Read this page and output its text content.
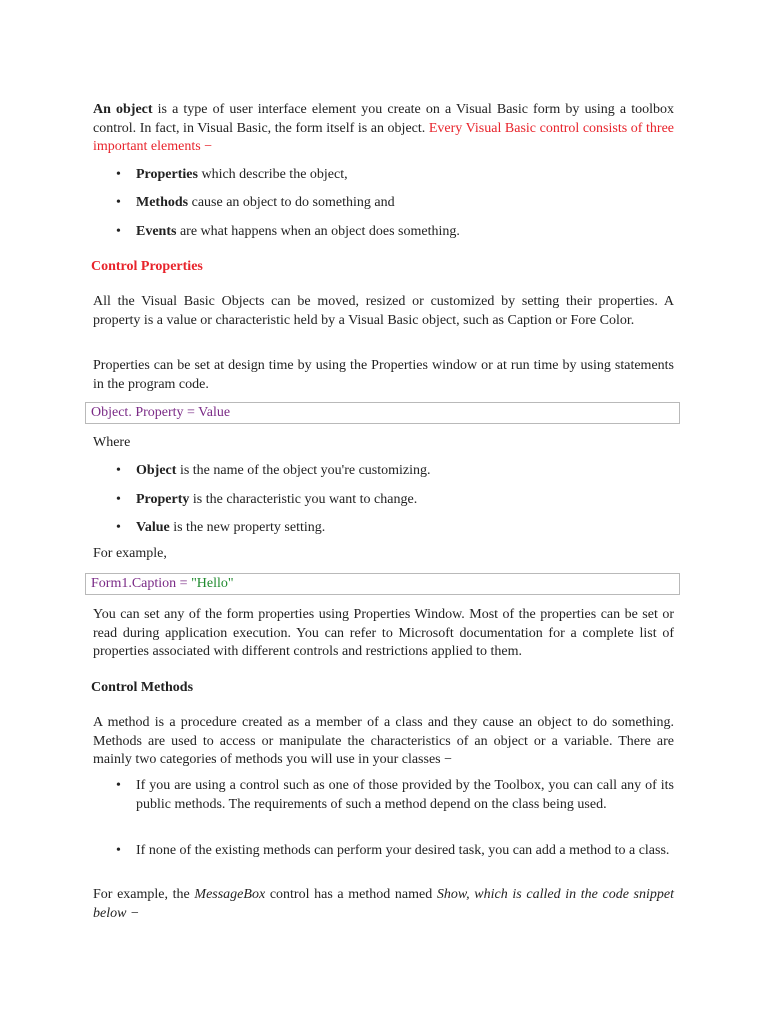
An object is a type of user interface element you create on a Visual Basic form by using a toolbox control. In fact, in Visual Basic, the form itself is an object. Every Visual Basic control consists of three important elements −

• Properties which describe the object,
• Methods cause an object to do something and
• Events are what happens when an object does something.
Control Properties

All the Visual Basic Objects can be moved, resized or customized by setting their properties. A property is a value or characteristic held by a Visual Basic object, such as Caption or Fore Color.

Properties can be set at design time by using the Properties window or at run time by using statements in the program code.

Object. Property = Value

Where

• Object is the name of the object you're customizing.
• Property is the characteristic you want to change.
• Value is the new property setting.

For example,

Form1.Caption = "Hello"

You can set any of the form properties using Properties Window. Most of the properties can be set or read during application execution. You can refer to Microsoft documentation for a complete list of properties associated with different controls and restrictions applied to them.

Control Methods

A method is a procedure created as a member of a class and they cause an object to do something. Methods are used to access or manipulate the characteristics of an object or a variable. There are mainly two categories of methods you will use in your classes −

• If you are using a control such as one of those provided by the Toolbox, you can call any of its public methods. The requirements of such a method depend on the class being used.
• If none of the existing methods can perform your desired task, you can add a method to a class.

For example, the MessageBox control has a method named Show, which is called in the code snippet below −
